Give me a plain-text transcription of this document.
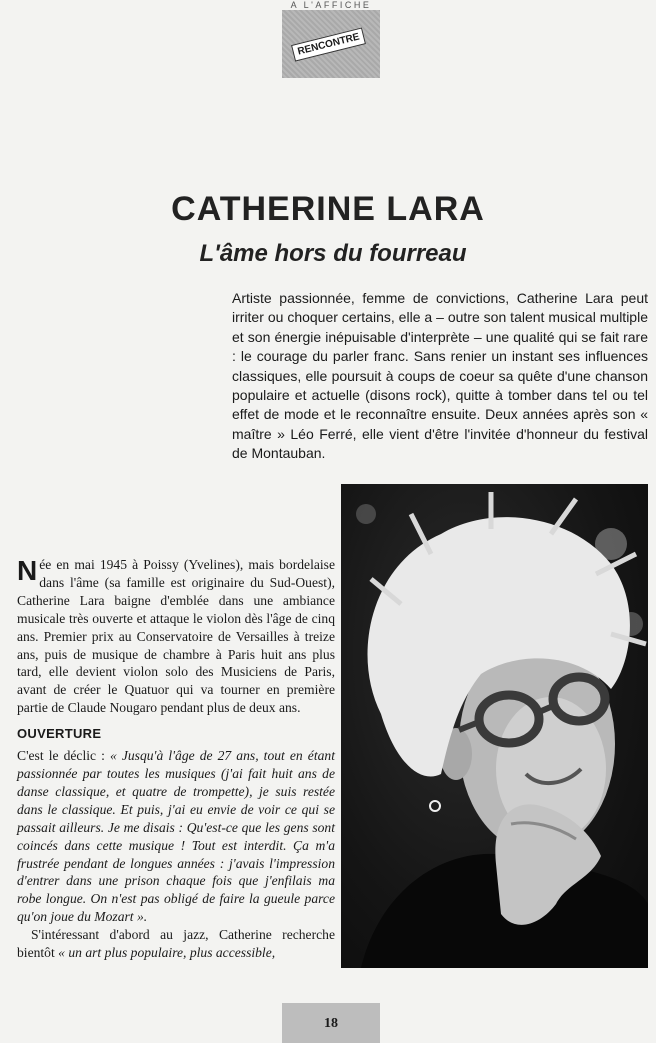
A L'AFFICHE
RENCONTRE
CATHERINE LARA
L'âme hors du fourreau

Artiste passionnée, femme de convictions, Catherine Lara peut irriter ou choquer certains, elle a – outre son talent musical multiple et son énergie inépuisable d'interprète – une qualité qui se fait rare : le courage du parler franc. Sans renier un instant ses influences classiques, elle poursuit à coups de coeur sa quête d'une chanson populaire et actuelle (disons rock), quitte à tomber dans tel ou tel effet de mode et le reconnaître ensuite. Deux années après son « maître » Léo Ferré, elle vient d'être l'invitée d'honneur du festival de Montauban.

Née en mai 1945 à Poissy (Yvelines), mais bordelaise dans l'âme (sa famille est originaire du Sud-Ouest), Catherine Lara baigne d'emblée dans une ambiance musicale très ouverte et attaque le violon dès l'âge de cinq ans. Premier prix au Conservatoire de Versailles à treize ans, puis de musique de chambre à Paris huit ans plus tard, elle devient violon solo des Musiciens de Paris, avant de créer le Quatuor qui va tourner en première partie de Claude Nougaro pendant plus de deux ans.

OUVERTURE

C'est le déclic : « Jusqu'à l'âge de 27 ans, tout en étant passionnée par toutes les musiques (j'ai fait huit ans de danse classique, et quatre de trompette), je suis restée dans le classique. Et puis, j'ai eu envie de voir ce qui se passait ailleurs. Je me disais : Qu'est-ce que les gens sont coincés dans cette musique ! Tout est interdit. Ça m'a frustrée pendant de longues années : j'avais l'impression d'entrer dans une prison chaque fois que j'enfilais ma robe longue. On n'est pas obligé de faire la gueule parce qu'on joue du Mozart ».

S'intéressant d'abord au jazz, Catherine recherche bientôt « un art plus populaire, plus accessible,

18
